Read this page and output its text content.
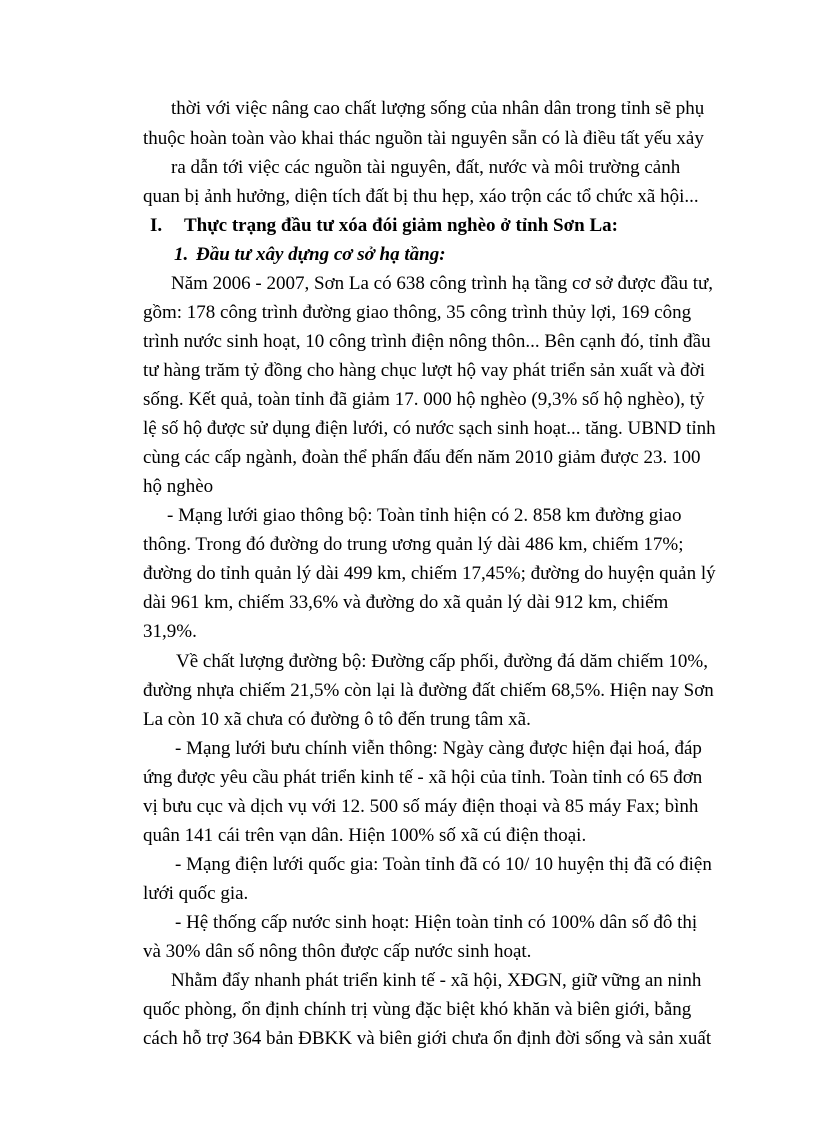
thời với việc nâng cao chất lượng sống của nhân dân trong tỉnh sẽ phụ
thuộc hoàn toàn vào khai thác nguồn tài nguyên sẵn có là điều tất yếu xảy
ra dẫn tới việc các nguồn tài nguyên, đất, nước và môi trường cảnh
quan bị ảnh hưởng, diện tích đất bị thu hẹp, xáo trộn các tổ chức xã hội...
I. Thực trạng đầu tư xóa đói giảm nghèo ở tỉnh Sơn La:
1. Đầu tư xây dựng cơ sở hạ tầng:
Năm 2006 - 2007, Sơn La có 638 công trình hạ tầng cơ sở được đầu tư,
gồm: 178 công trình đường giao thông, 35 công trình thủy lợi, 169 công
trình nước sinh hoạt, 10 công trình điện nông thôn... Bên cạnh đó, tỉnh đầu
tư hàng trăm tỷ đồng cho hàng chục lượt hộ vay phát triển sản xuất và đời
sống. Kết quả, toàn tỉnh đã giảm 17. 000 hộ nghèo (9,3% số hộ nghèo), tỷ
lệ số hộ được sử dụng điện lưới, có nước sạch sinh hoạt... tăng. UBND tỉnh
cùng các cấp ngành, đoàn thể phấn đấu đến năm 2010 giảm được 23. 100
hộ nghèo
- Mạng lưới giao thông bộ: Toàn tỉnh hiện có 2. 858 km đường giao
thông. Trong đó đường do trung ương quản lý dài 486 km, chiếm 17%;
đường do tỉnh quản lý dài 499 km, chiếm 17,45%; đường do huyện quản lý
dài 961 km, chiếm 33,6% và đường do xã quản lý dài 912 km, chiếm
31,9%.
Về chất lượng đường bộ: Đường cấp phối, đường đá dăm chiếm 10%,
đường nhựa chiếm 21,5% còn lại là đường đất chiếm 68,5%. Hiện nay Sơn
La còn 10 xã chưa có đường ô tô đến trung tâm xã.
- Mạng lưới bưu chính viễn thông: Ngày càng được hiện đại hoá, đáp
ứng được yêu cầu phát triển kinh tế - xã hội của tỉnh. Toàn tỉnh có 65 đơn
vị bưu cục và dịch vụ với 12. 500 số máy điện thoại và 85 máy Fax; bình
quân 141 cái trên vạn dân. Hiện 100% số xã cú điện thoại.
- Mạng điện lưới quốc gia: Toàn tỉnh đã có 10/ 10 huyện thị đã có điện
lưới quốc gia.
- Hệ thống cấp nước sinh hoạt: Hiện toàn tỉnh có 100% dân số đô thị
và 30% dân số nông thôn được cấp nước sinh hoạt.
Nhằm đẩy nhanh phát triển kinh tế - xã hội, XĐGN, giữ vững an ninh
quốc phòng, ổn định chính trị vùng đặc biệt khó khăn và biên giới, bằng
cách hỗ trợ 364 bản ĐBKK và biên giới chưa ổn định đời sống và sản xuất
